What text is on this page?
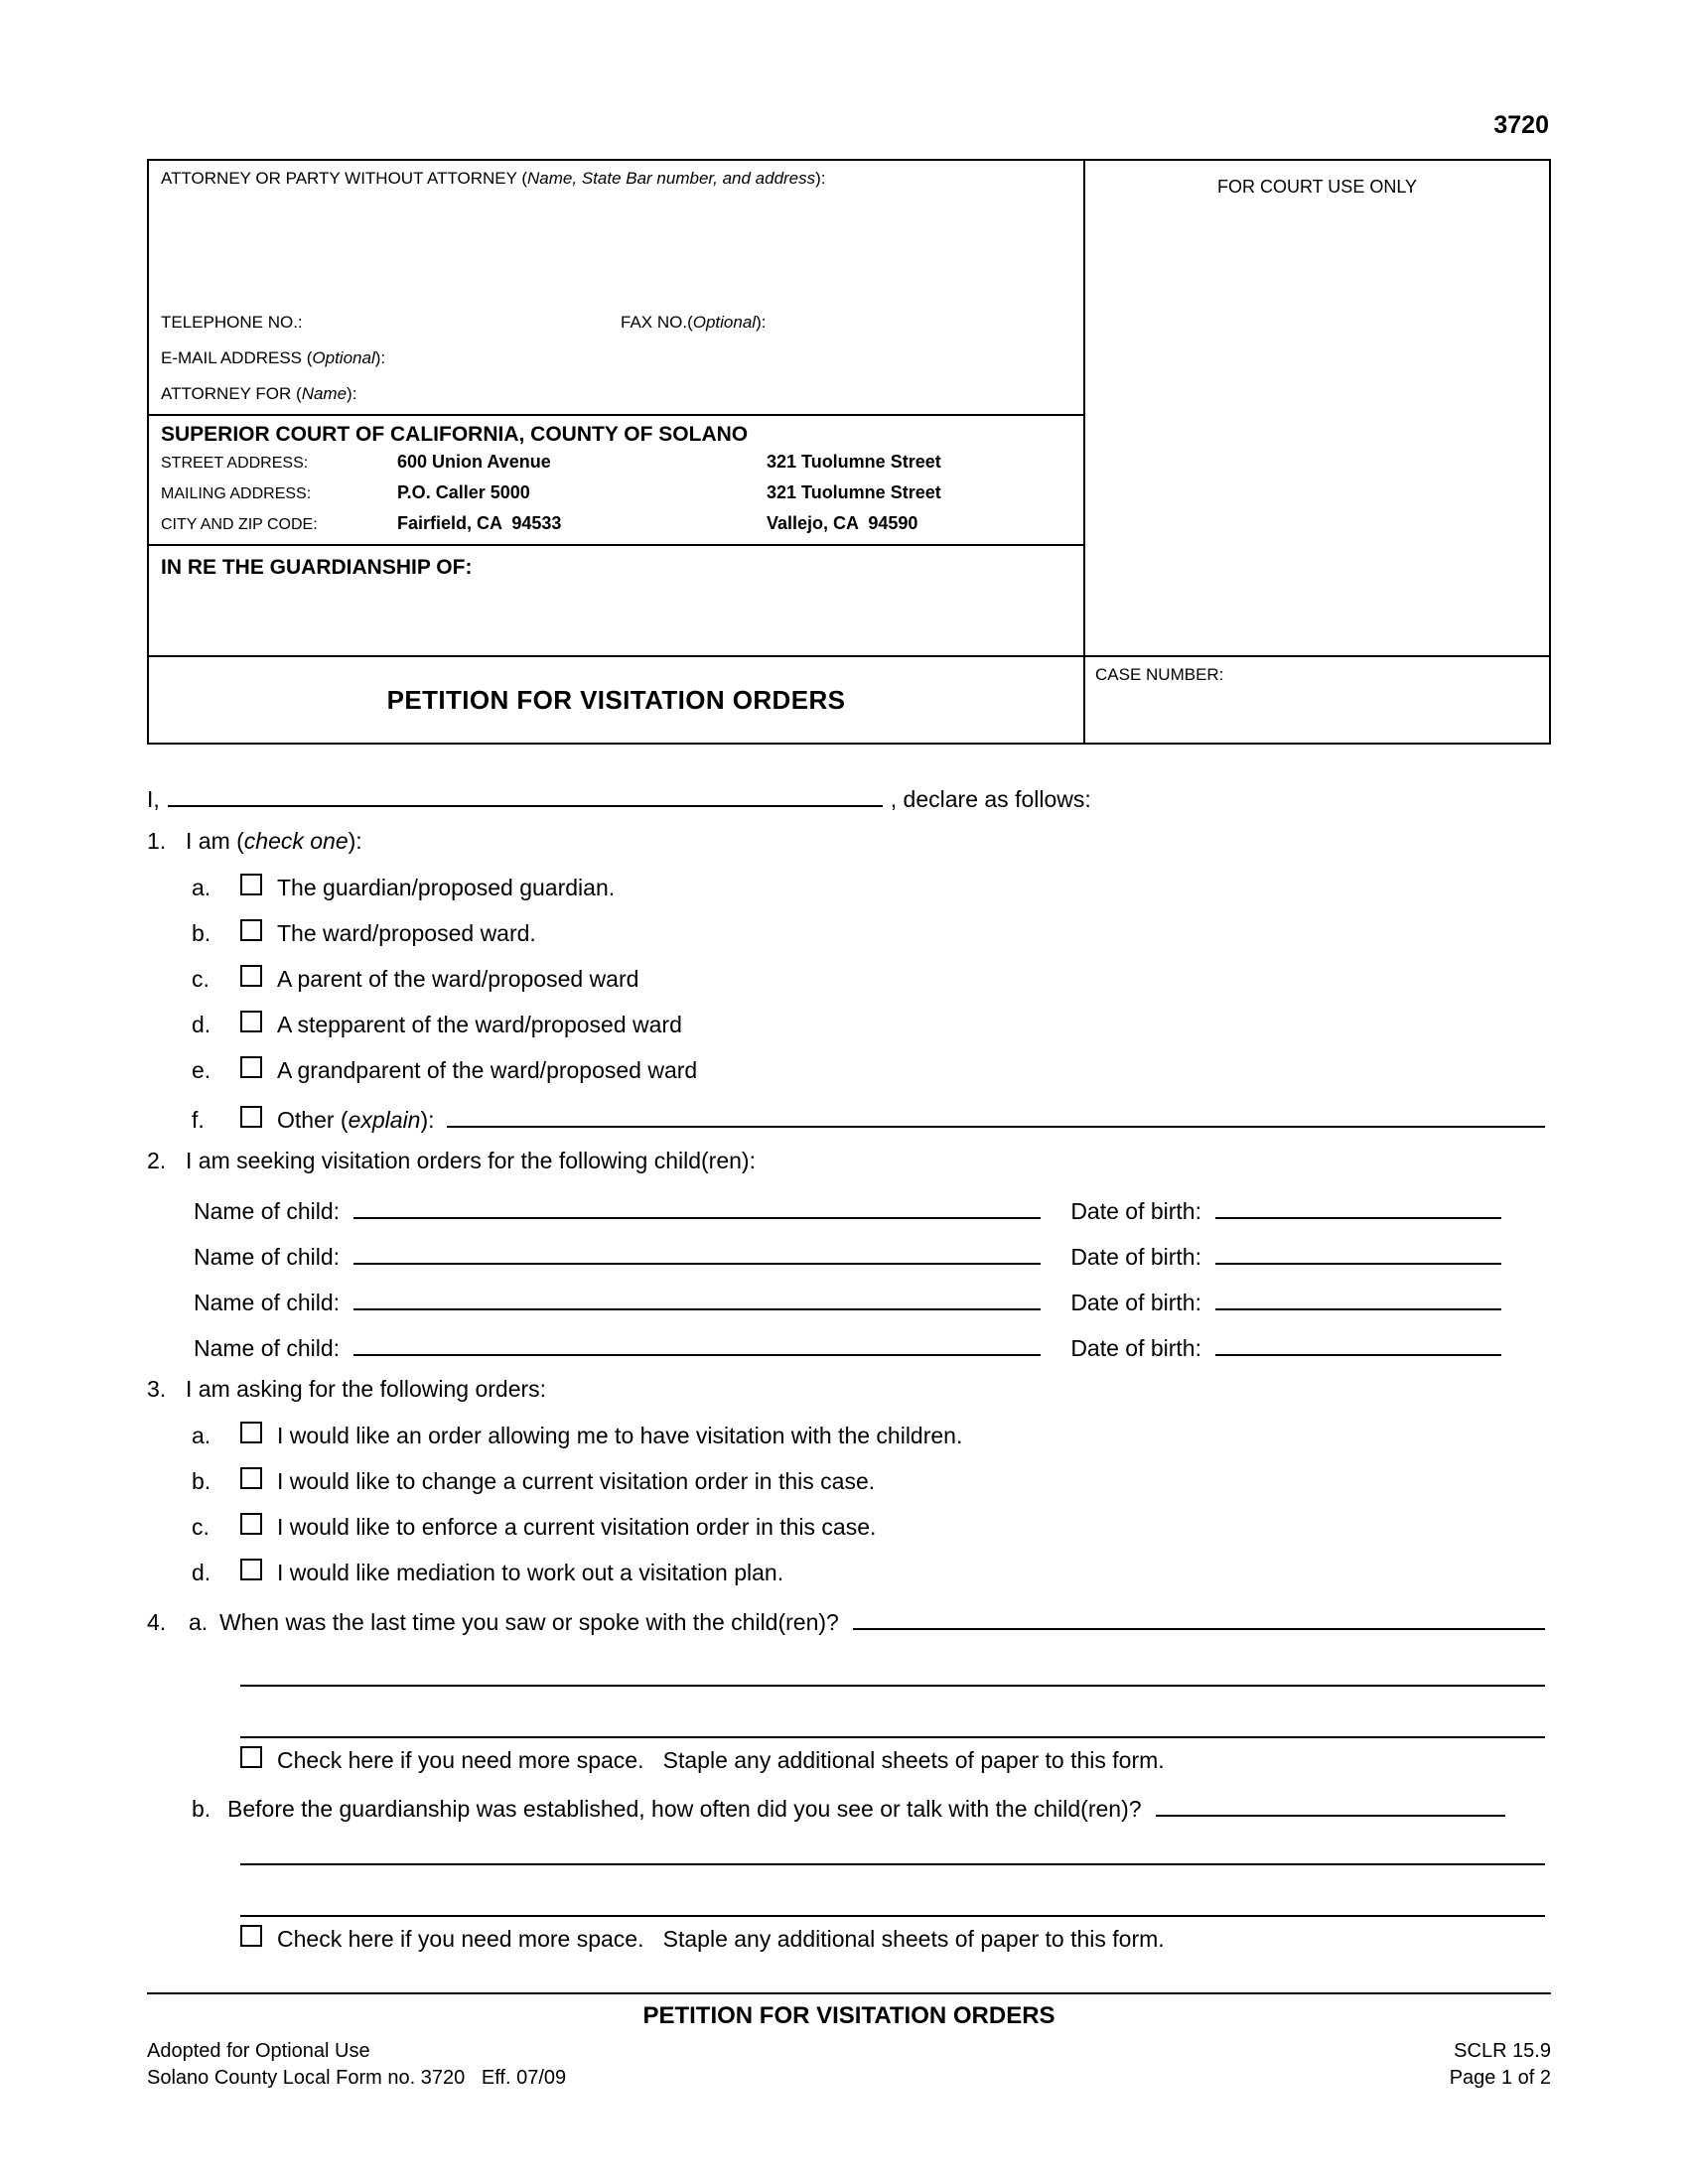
3720
ATTORNEY OR PARTY WITHOUT ATTORNEY (Name, State Bar number, and address):
TELEPHONE NO.:	FAX NO.(Optional):
E-MAIL ADDRESS (Optional):
ATTORNEY FOR (Name):
SUPERIOR COURT OF CALIFORNIA, COUNTY OF SOLANO
STREET ADDRESS:	600 Union Avenue	321 Tuolumne Street
MAILING ADDRESS:	P.O. Caller 5000	321 Tuolumne Street
CITY AND ZIP CODE:	Fairfield, CA  94533	Vallejo, CA  94590
IN RE THE GUARDIANSHIP OF:
PETITION FOR VISITATION ORDERS
FOR COURT USE ONLY
CASE NUMBER:
I,	, declare as follows:
1. I am (check one):
a.	The guardian/proposed guardian.
b.	The ward/proposed ward.
c.	A parent of the ward/proposed ward
d.	A stepparent of the ward/proposed ward
e.	A grandparent of the ward/proposed ward
f.	Other (explain):
2. I am seeking visitation orders for the following child(ren):
Name of child:	Date of birth:
Name of child:	Date of birth:
Name of child:	Date of birth:
Name of child:	Date of birth:
3. I am asking for the following orders:
a.	I would like an order allowing me to have visitation with the children.
b.	I would like to change a current visitation order in this case.
c.	I would like to enforce a current visitation order in this case.
d.	I would like mediation to work out a visitation plan.
4. a. When was the last time you saw or spoke with the child(ren)?
Check here if you need more space.   Staple any additional sheets of paper to this form.
b. Before the guardianship was established, how often did you see or talk with the child(ren)?
Check here if you need more space.   Staple any additional sheets of paper to this form.
PETITION FOR VISITATION ORDERS
Adopted for Optional Use
Solano County Local Form no. 3720   Eff. 07/09
SCLR 15.9
Page 1 of 2
